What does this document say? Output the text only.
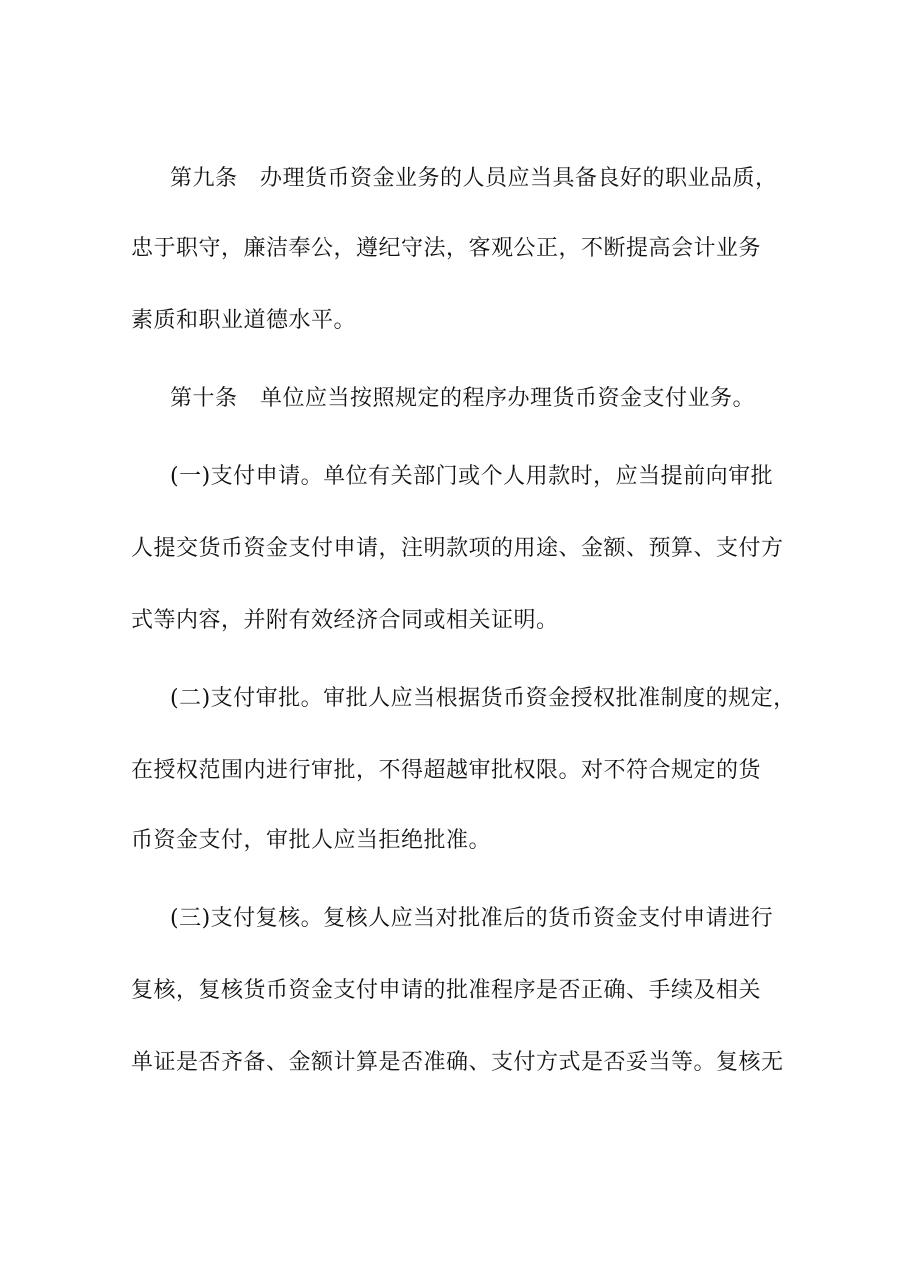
第九条　办理货币资金业务的人员应当具备良好的职业品质，
忠于职守，廉洁奉公，遵纪守法，客观公正，不断提高会计业务
素质和职业道德水平。
第十条　单位应当按照规定的程序办理货币资金支付业务。
(一)支付申请。单位有关部门或个人用款时，应当提前向审批
人提交货币资金支付申请，注明款项的用途、金额、预算、支付方
式等内容，并附有效经济合同或相关证明。
(二)支付审批。审批人应当根据货币资金授权批准制度的规定，
在授权范围内进行审批，不得超越审批权限。对不符合规定的货
币资金支付，审批人应当拒绝批准。
(三)支付复核。复核人应当对批准后的货币资金支付申请进行
复核，复核货币资金支付申请的批准程序是否正确、手续及相关
单证是否齐备、金额计算是否准确、支付方式是否妥当等。复核无
